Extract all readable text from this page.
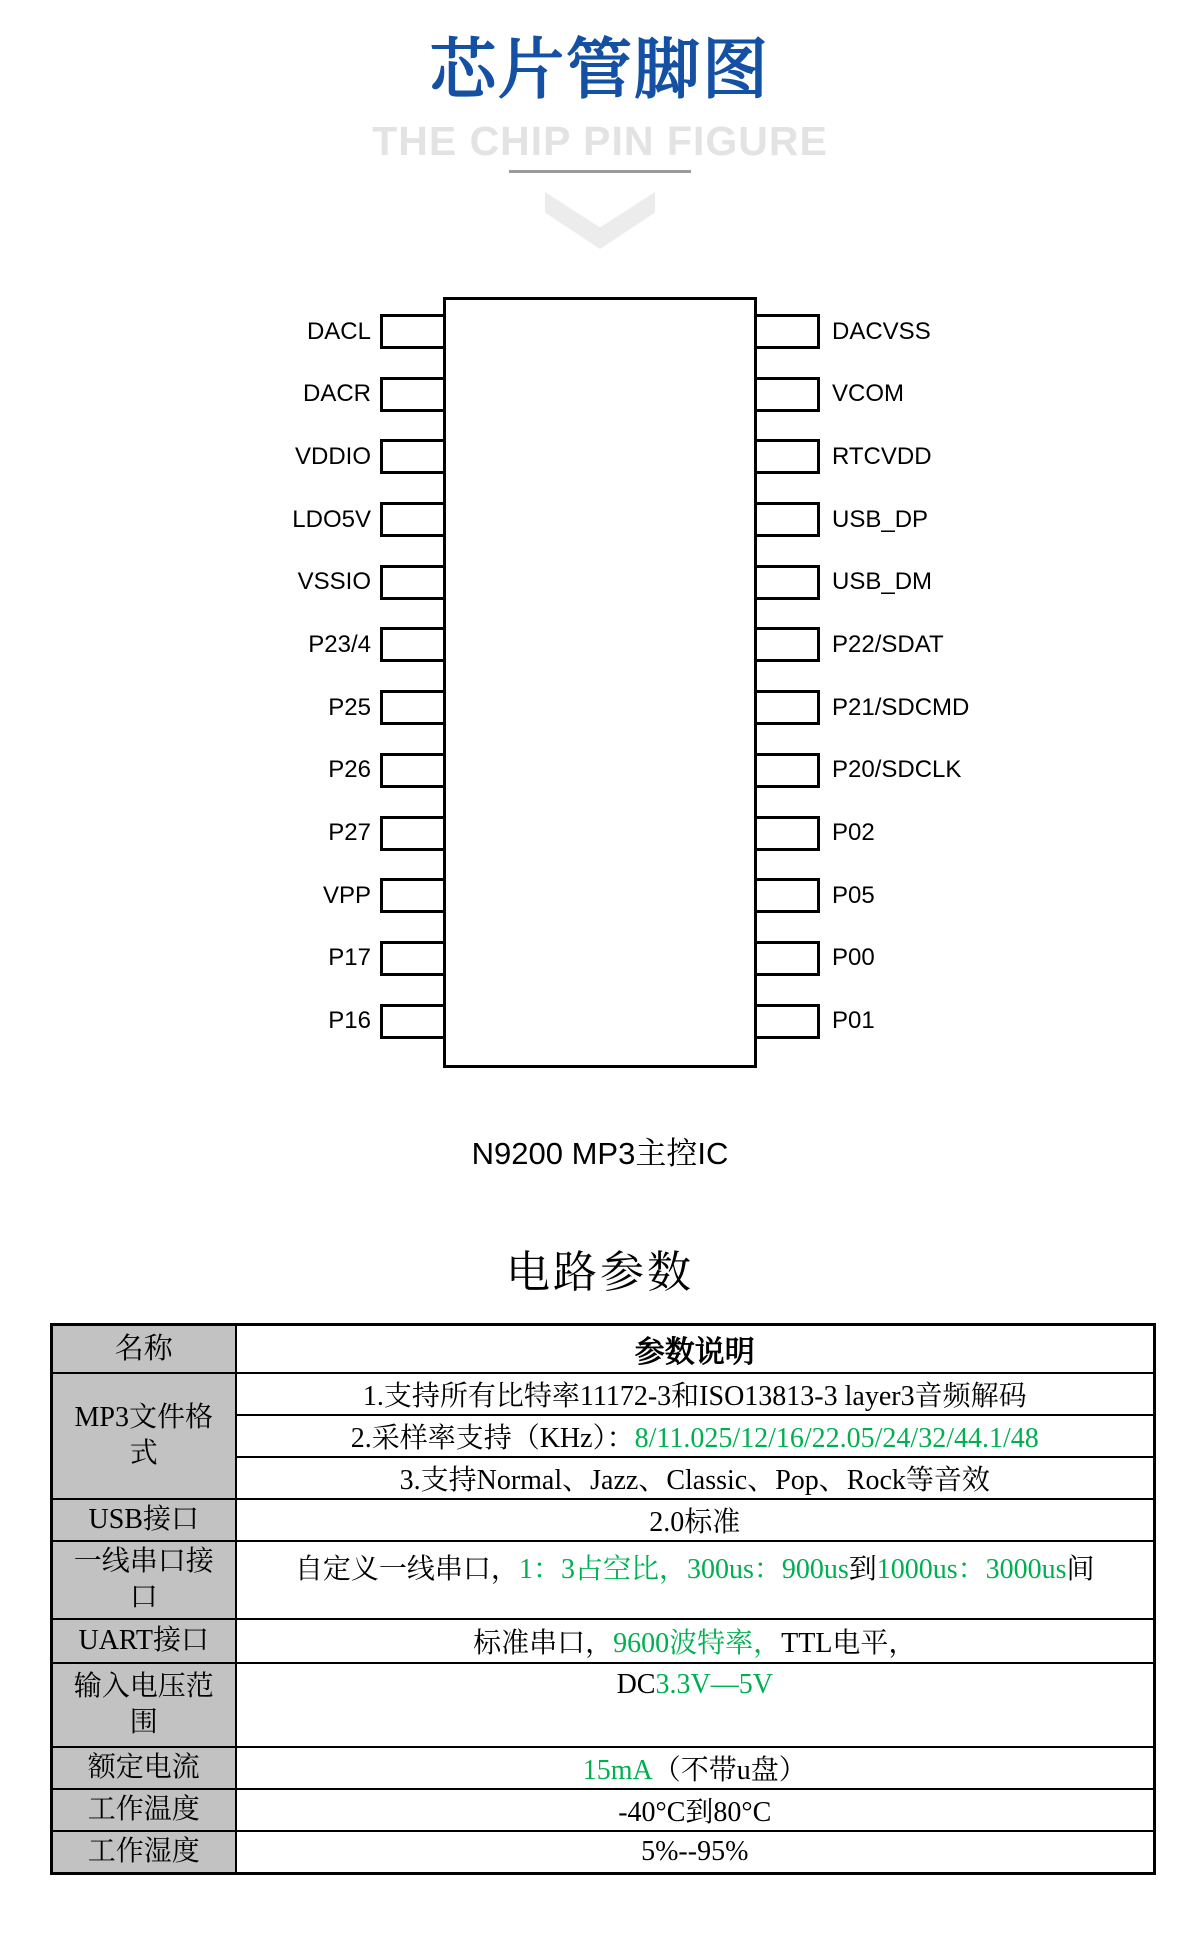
芯片管脚图
THE CHIP PIN FIGURE
DACL
DACR
VDDIO
LDO5V
VSSIO
P23/4
P25
P26
P27
VPP
P17
P16
DACVSS
VCOM
RTCVDD
USB_DP
USB_DM
P22/SDAT
P21/SDCMD
P20/SDCLK
P02
P05
P00
P01
N9200 MP3主控IC
电路参数
名称	参数说明
MP3文件格式	1.支持所有比特率11172-3和ISO13813-3 layer3音频解码
	2.采样率支持（KHz）：8/11.025/12/16/22.05/24/32/44.1/48
	3.支持Normal、Jazz、Classic、Pop、Rock等音效
USB接口	2.0标准
一线串口接口	自定义一线串口，1：3占空比，300us：900us到1000us：3000us间
UART接口	标准串口，9600波特率，TTL电平，
输入电压范围	DC3.3V—5V
额定电流	15mA（不带u盘）
工作温度	-40°C到80°C
工作湿度	5%--95%
